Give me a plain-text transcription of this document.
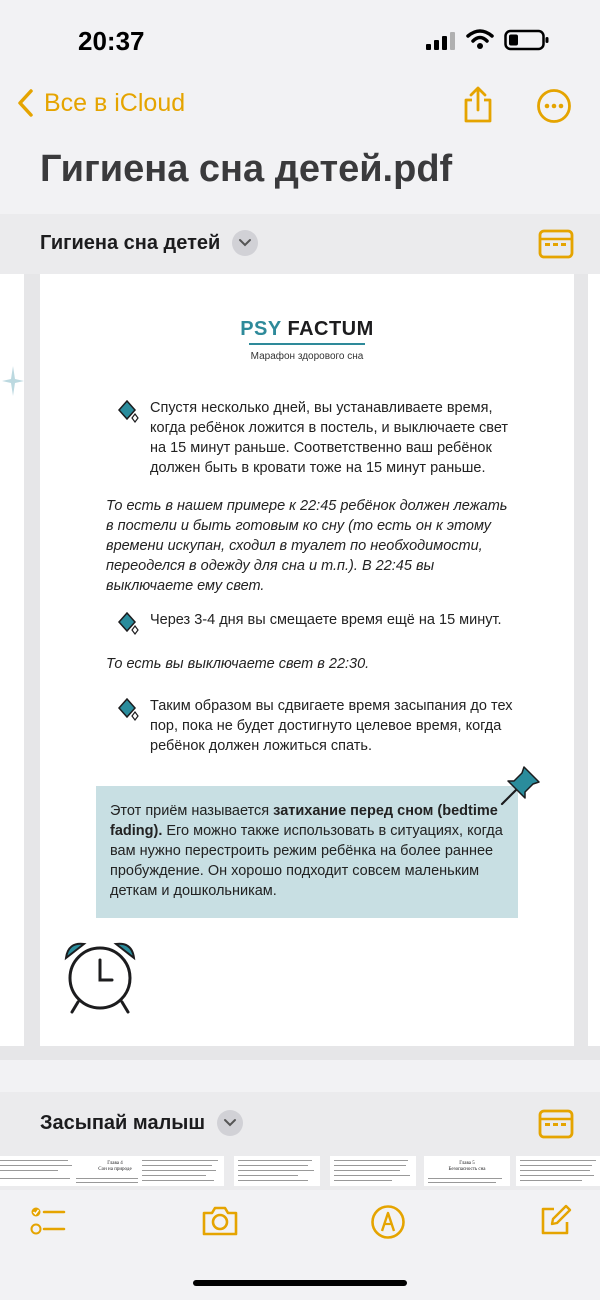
20:37
Все в iCloud
Гигиена сна детей.pdf
Гигиена сна детей
PSY FACTUM
Марафон здорового сна
Спустя несколько дней, вы устанавливаете время, когда ребёнок ложится в постель, и выключаете свет на 15 минут раньше. Соответственно ваш ребёнок должен быть в кровати тоже на 15 минут раньше.
То есть в нашем примере к 22:45 ребёнок должен лежать в постели и быть готовым ко сну (то есть он к этому времени искупан, сходил в туалет по необходимости, переоделся в одежду для сна и т.п.). В 22:45 вы выключаете ему свет.
Через 3-4 дня вы смещаете время ещё на 15 минут.
То есть вы выключаете свет в 22:30.
Таким образом вы сдвигаете время засыпания до тех пор, пока не будет достигнуто целевое время, когда ребёнок должен ложиться спать.
Этот приём называется затихание перед сном (bedtime fading). Его можно также использовать в ситуациях, когда вам нужно перестроить режим ребёнка на более раннее пробуждение. Он хорошо подходит совсем маленьким деткам и дошкольникам.
Засыпай малыш
Глава 4
Сон на природе
Глава 5
Безопасность сна
